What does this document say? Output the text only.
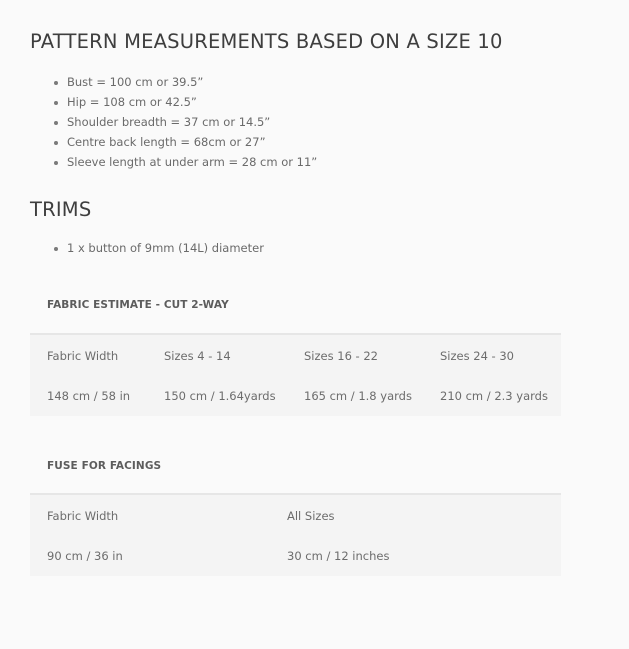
PATTERN MEASUREMENTS BASED ON A SIZE 10
Bust = 100 cm or 39.5”
Hip = 108 cm or 42.5”
Shoulder breadth = 37 cm or 14.5”
Centre back length = 68cm or 27”
Sleeve length at under arm = 28 cm or 11”
TRIMS
1 x button of 9mm (14L) diameter
FABRIC ESTIMATE - CUT 2-WAY
Fabric Width	Sizes 4 - 14	Sizes 16 - 22	Sizes 24 - 30
148 cm / 58 in	150 cm / 1.64yards	165 cm / 1.8 yards	210 cm / 2.3 yards
FUSE FOR FACINGS
Fabric Width	All Sizes
90 cm / 36 in	30 cm / 12 inches
